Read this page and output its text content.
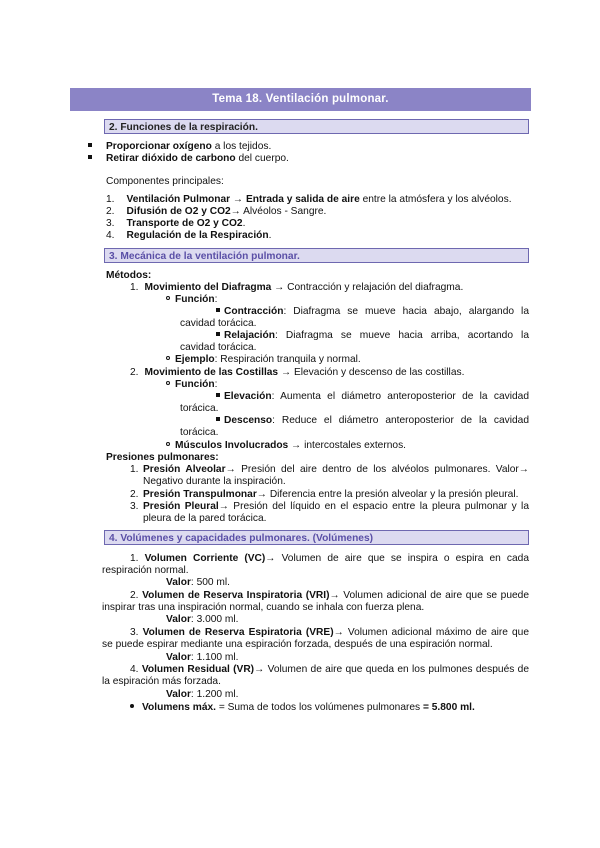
Tema 18. Ventilación pulmonar.
2. Funciones de la respiración.
Proporcionar oxígeno a los tejidos.
Retirar dióxido de carbono del cuerpo.
Componentes principales:
1. Ventilación Pulmonar → Entrada y salida de aire entre la atmósfera y los alvéolos.
2. Difusión de O2 y CO2→ Alvéolos - Sangre.
3. Transporte de O2 y CO2.
4. Regulación de la Respiración.
3. Mecánica de la ventilación pulmonar.
Métodos:
1. Movimiento del Diafragma → Contracción y relajación del diafragma.
Función:
Contracción: Diafragma se mueve hacia abajo, alargando la cavidad torácica.
Relajación: Diafragma se mueve hacia arriba, acortando la cavidad torácica.
Ejemplo: Respiración tranquila y normal.
2. Movimiento de las Costillas → Elevación y descenso de las costillas.
Función:
Elevación: Aumenta el diámetro anteroposterior de la cavidad torácica.
Descenso: Reduce el diámetro anteroposterior de la cavidad torácica.
Músculos Involucrados → intercostales externos.
Presiones pulmonares:
1. Presión Alveolar→ Presión del aire dentro de los alvéolos pulmonares. Valor→ Negativo durante la inspiración.
2. Presión Transpulmonar→ Diferencia entre la presión alveolar y la presión pleural.
3. Presión Pleural→ Presión del líquido en el espacio entre la pleura pulmonar y la pleura de la pared torácica.
4. Volúmenes y capacidades pulmonares. (Volúmenes)
1. Volumen Corriente (VC)→ Volumen de aire que se inspira o espira en cada respiración normal.
Valor: 500 ml.
2. Volumen de Reserva Inspiratoria (VRI)→ Volumen adicional de aire que se puede inspirar tras una inspiración normal, cuando se inhala con fuerza plena.
Valor: 3.000 ml.
3. Volumen de Reserva Espiratoria (VRE)→ Volumen adicional máximo de aire que se puede espirar mediante una espiración forzada, después de una espiración normal.
Valor: 1.100 ml.
4. Volumen Residual (VR)→ Volumen de aire que queda en los pulmones después de la espiración más forzada.
Valor: 1.200 ml.
Volumens máx. = Suma de todos los volúmenes pulmonares = 5.800 ml.
